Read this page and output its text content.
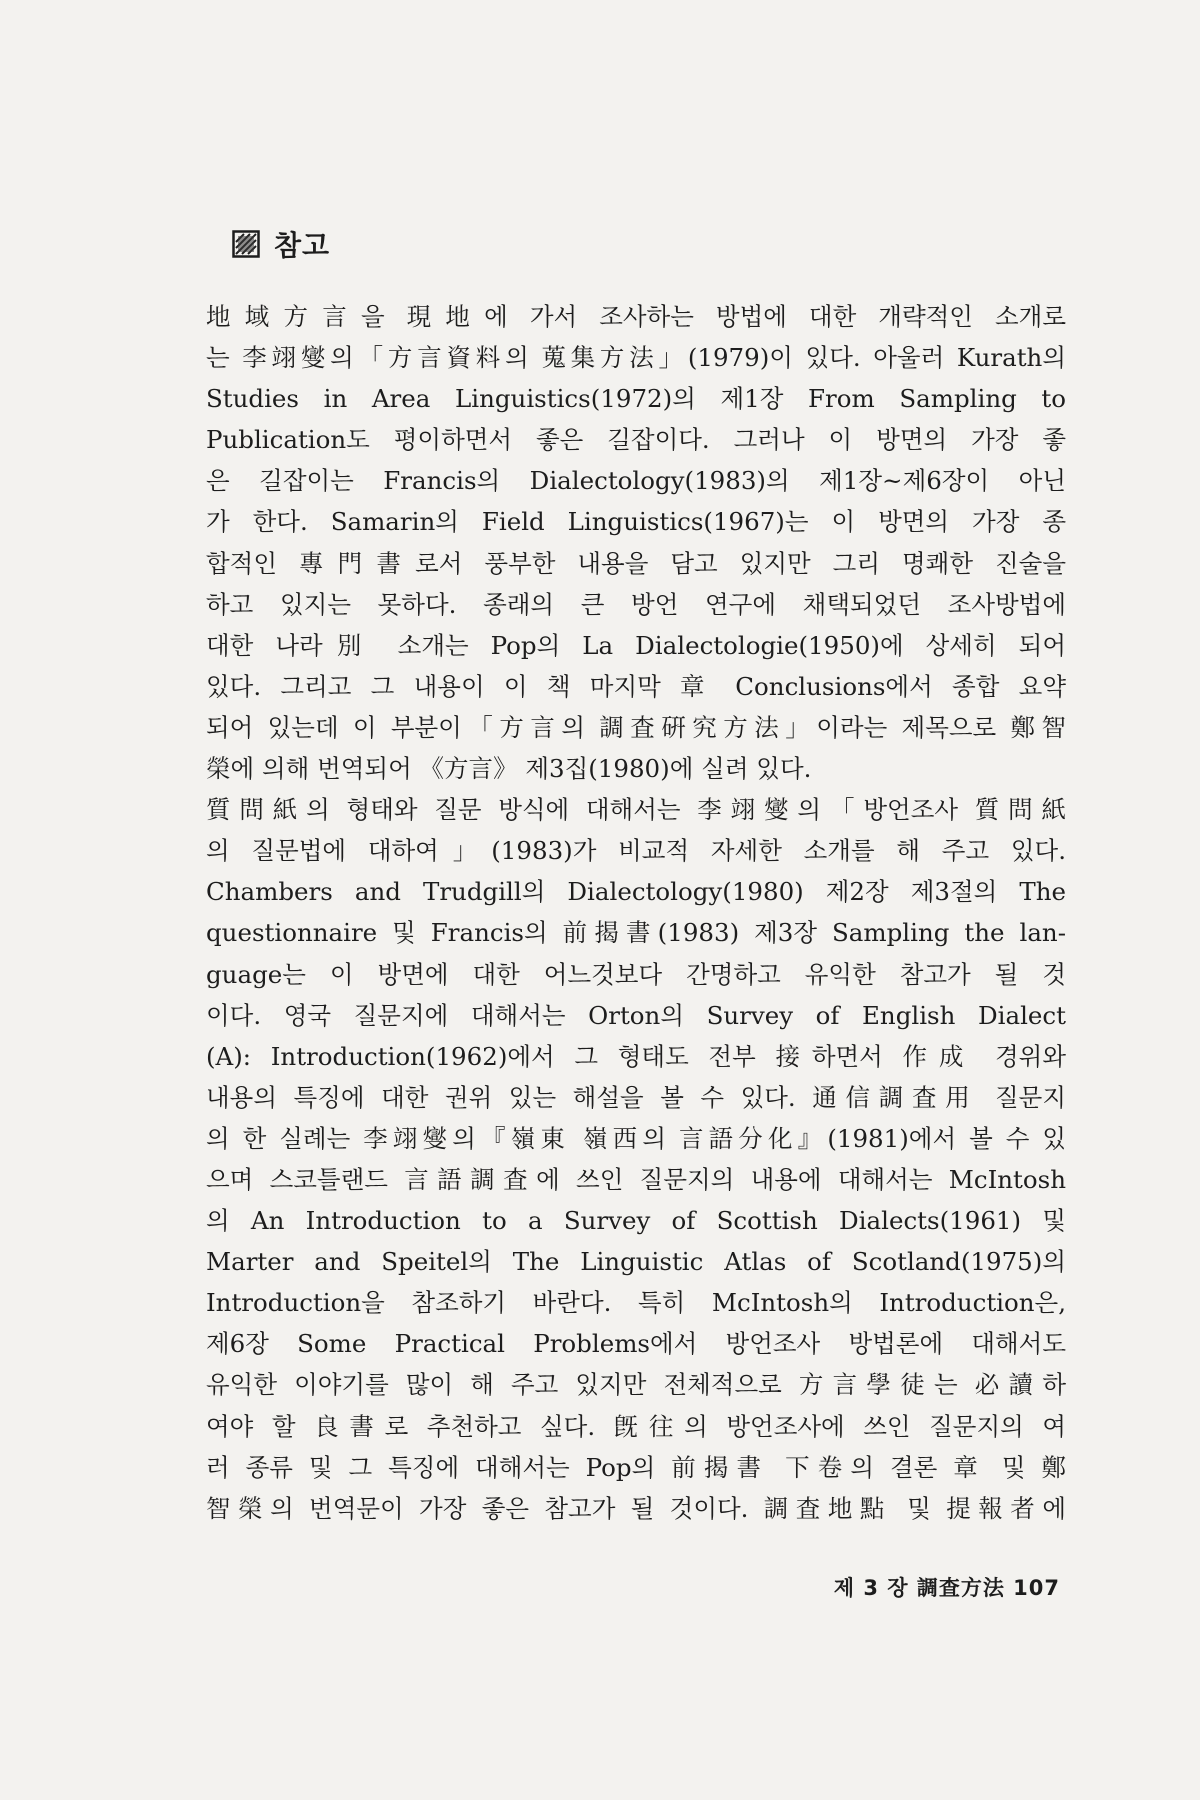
참고
地域方言을 現地에 가서 조사하는 방법에 대한 개략적인 소개로
는 李翊燮의「方言資料의 蒐集方法」(1979)이 있다. 아울러 Kurath의
Studies in Area Linguistics(1972)의 제1장 From Sampling to
Publication도 평이하면서 좋은 길잡이다. 그러나 이 방면의 가장 좋
은 길잡이는 Francis의 Dialectology(1983)의 제1장~제6장이 아닌
가 한다. Samarin의 Field Linguistics(1967)는 이 방면의 가장 종
합적인 專門書로서 풍부한 내용을 담고 있지만 그리 명쾌한 진술을
하고 있지는 못하다. 종래의 큰 방언 연구에 채택되었던 조사방법에
대한 나라別 소개는 Pop의 La Dialectologie(1950)에 상세히 되어
있다. 그리고 그 내용이 이 책 마지막 章 Conclusions에서 종합 요약
되어 있는데 이 부분이「方言의 調査硏究方法」이라는 제목으로 鄭智
榮에 의해 번역되어 《方言》 제3집(1980)에 실려 있다.
質問紙의 형태와 질문 방식에 대해서는 李翊燮의「방언조사 質問紙
의 질문법에 대하여」(1983)가 비교적 자세한 소개를 해 주고 있다.
Chambers and Trudgill의 Dialectology(1980) 제2장 제3절의 The
questionnaire 및 Francis의 前揭書(1983) 제3장 Sampling the lan-
guage는 이 방면에 대한 어느것보다 간명하고 유익한 참고가 될 것
이다. 영국 질문지에 대해서는 Orton의 Survey of English Dialect
(A): Introduction(1962)에서 그 형태도 전부 接하면서 作成 경위와
내용의 특징에 대한 권위 있는 해설을 볼 수 있다. 通信調査用 질문지
의 한 실례는 李翊燮의『嶺東 嶺西의 言語分化』(1981)에서 볼 수 있
으며 스코틀랜드 言語調査에 쓰인 질문지의 내용에 대해서는 McIntosh
의 An Introduction to a Survey of Scottish Dialects(1961) 및
Marter and Speitel의 The Linguistic Atlas of Scotland(1975)의
Introduction을 참조하기 바란다. 특히 McIntosh의 Introduction은,
제6장 Some Practical Problems에서 방언조사 방법론에 대해서도
유익한 이야기를 많이 해 주고 있지만 전체적으로 方言學徒는 必讀하
여야 할 良書로 추천하고 싶다. 旣往의 방언조사에 쓰인 질문지의 여
러 종류 및 그 특징에 대해서는 Pop의 前揭書 下卷의 결론 章 및 鄭
智榮의 번역문이 가장 좋은 참고가 될 것이다. 調査地點 및 提報者에
제 3 장 調査方法 107
